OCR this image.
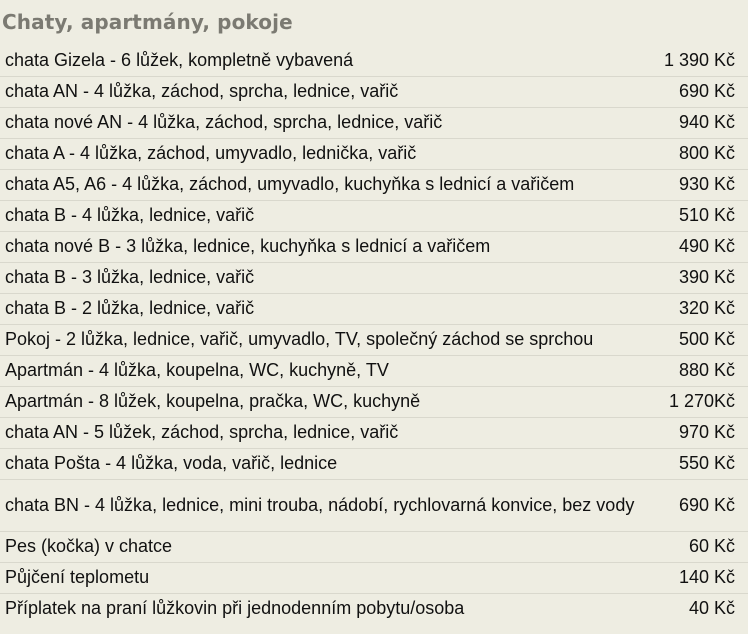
Chaty, apartmány, pokoje
chata Gizela - 6 lůžek, kompletně vybavená	1 390 Kč
chata AN - 4 lůžka, záchod, sprcha, lednice, vařič	690 Kč
chata nové AN - 4 lůžka, záchod, sprcha, lednice, vařič	940 Kč
chata A - 4 lůžka, záchod, umyvadlo, lednička, vařič	800 Kč
chata A5, A6 - 4 lůžka, záchod, umyvadlo, kuchyňka s lednicí a vařičem	930 Kč
chata B - 4 lůžka, lednice, vařič	510 Kč
chata nové B - 3 lůžka, lednice, kuchyňka s lednicí a vařičem	490 Kč
chata B - 3 lůžka, lednice, vařič	390 Kč
chata B - 2 lůžka, lednice, vařič	320 Kč
Pokoj - 2 lůžka, lednice, vařič, umyvadlo, TV, společný záchod se sprchou	500 Kč
Apartmán - 4 lůžka, koupelna, WC, kuchyně, TV	880 Kč
Apartmán - 8 lůžek, koupelna, pračka, WC, kuchyně	1 270Kč
chata AN - 5 lůžek, záchod, sprcha, lednice, vařič	970 Kč
chata Pošta - 4 lůžka, voda, vařič, lednice	550 Kč
chata BN - 4 lůžka, lednice, mini trouba, nádobí, rychlovarná konvice, bez vody	690 Kč
Pes (kočka) v chatce	60 Kč
Půjčení teplometu	140 Kč
Příplatek na praní lůžkovin při jednodenním pobytu/osoba	40 Kč
